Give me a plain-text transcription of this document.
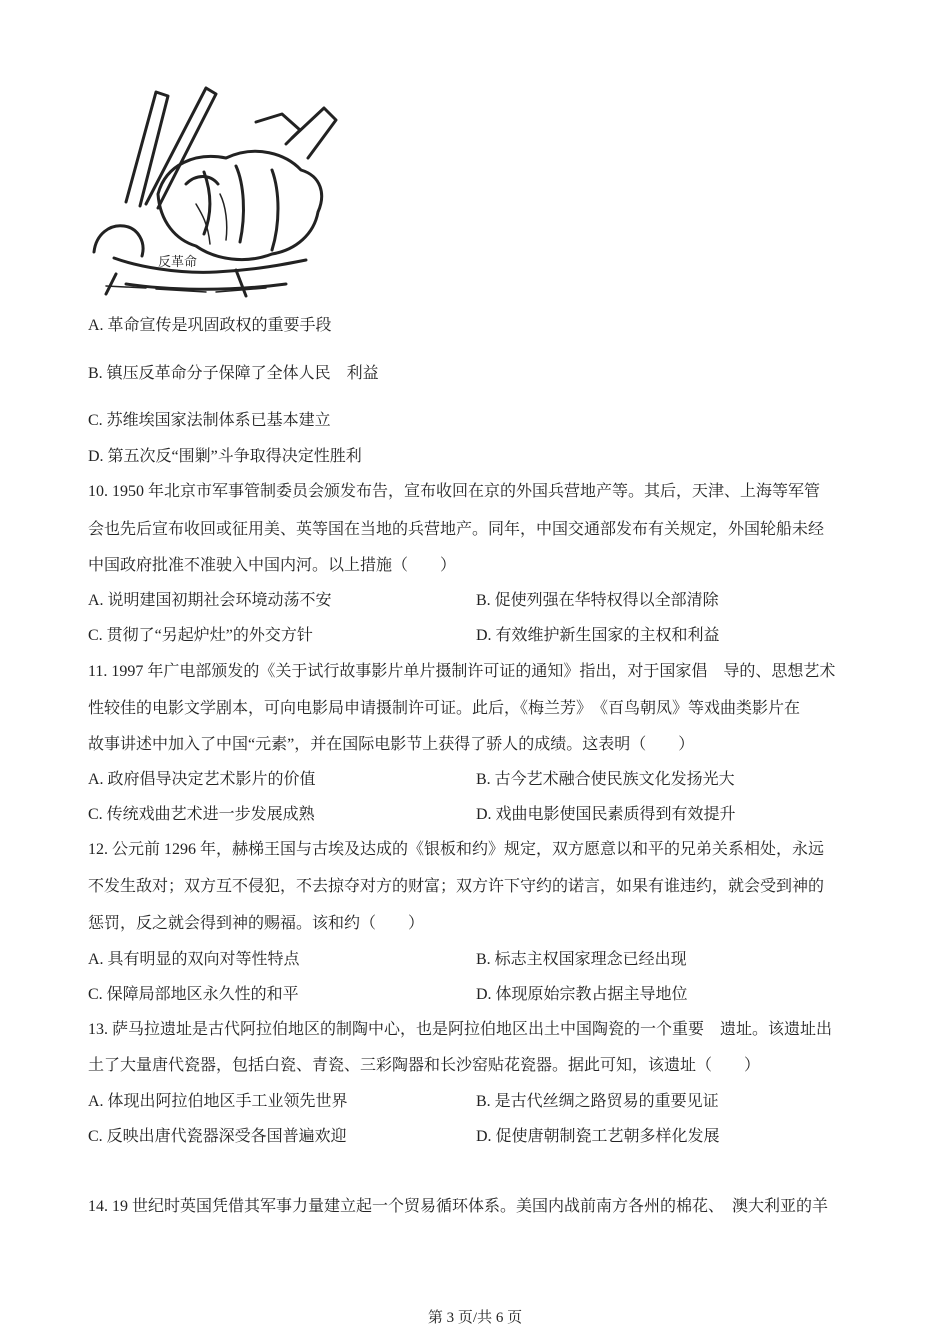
反革命
A. 革命宣传是巩固政权的重要手段
B. 镇压反革命分子保障了全体人民　利益
C. 苏维埃国家法制体系已基本建立
D. 第五次反“围剿”斗争取得决定性胜利
10. 1950 年北京市军事管制委员会颁发布告，宣布收回在京的外国兵营地产等。其后，天津、上海等军管
会也先后宣布收回或征用美、英等国在当地的兵营地产。同年，中国交通部发布有关规定，外国轮船未经
中国政府批准不准驶入中国内河。以上措施（　　）
A. 说明建国初期社会环境动荡不安	B. 促使列强在华特权得以全部清除
C. 贯彻了“另起炉灶”的外交方针	D. 有效维护新生国家的主权和利益
11. 1997 年广电部颁发的《关于试行故事影片单片摄制许可证的通知》指出，对于国家倡　导的、思想艺术
性较佳的电影文学剧本，可向电影局申请摄制许可证。此后，《梅兰芳》　《百鸟朝凤》等戏曲类影片在
故事讲述中加入了中国“元素”，并在国际电影节上获得了骄人的成绩。这表明（　　）
A. 政府倡导决定艺术影片的价值	B. 古今艺术融合使民族文化发扬光大
C. 传统戏曲艺术进一步发展成熟	D. 戏曲电影使国民素质得到有效提升
12. 公元前 1296 年，赫梯王国与古埃及达成的《银板和约》规定，双方愿意以和平的兄弟关系相处，永远
不发生敌对；双方互不侵犯，不去掠夺对方的财富；双方许下守约的诺言，如果有谁违约，就会受到神的
惩罚，反之就会得到神的赐福。该和约（　　）
A. 具有明显的双向对等性特点	B. 标志主权国家理念已经出现
C. 保障局部地区永久性的和平	D. 体现原始宗教占据主导地位
13. 萨马拉遗址是古代阿拉伯地区的制陶中心，也是阿拉伯地区出土中国陶瓷的一个重要　遗址。该遗址出
土了大量唐代瓷器，包括白瓷、青瓷、三彩陶器和长沙窑贴花瓷器。据此可知，该遗址（　　）
A. 体现出阿拉伯地区手工业领先世界	B. 是古代丝绸之路贸易的重要见证
C. 反映出唐代瓷器深受各国普遍欢迎	D. 促使唐朝制瓷工艺朝多样化发展
14. 19 世纪时英国凭借其军事力量建立起一个贸易循环体系。美国内战前南方各州的棉花、　澳大利亚的羊
第 3 页/共 6 页
